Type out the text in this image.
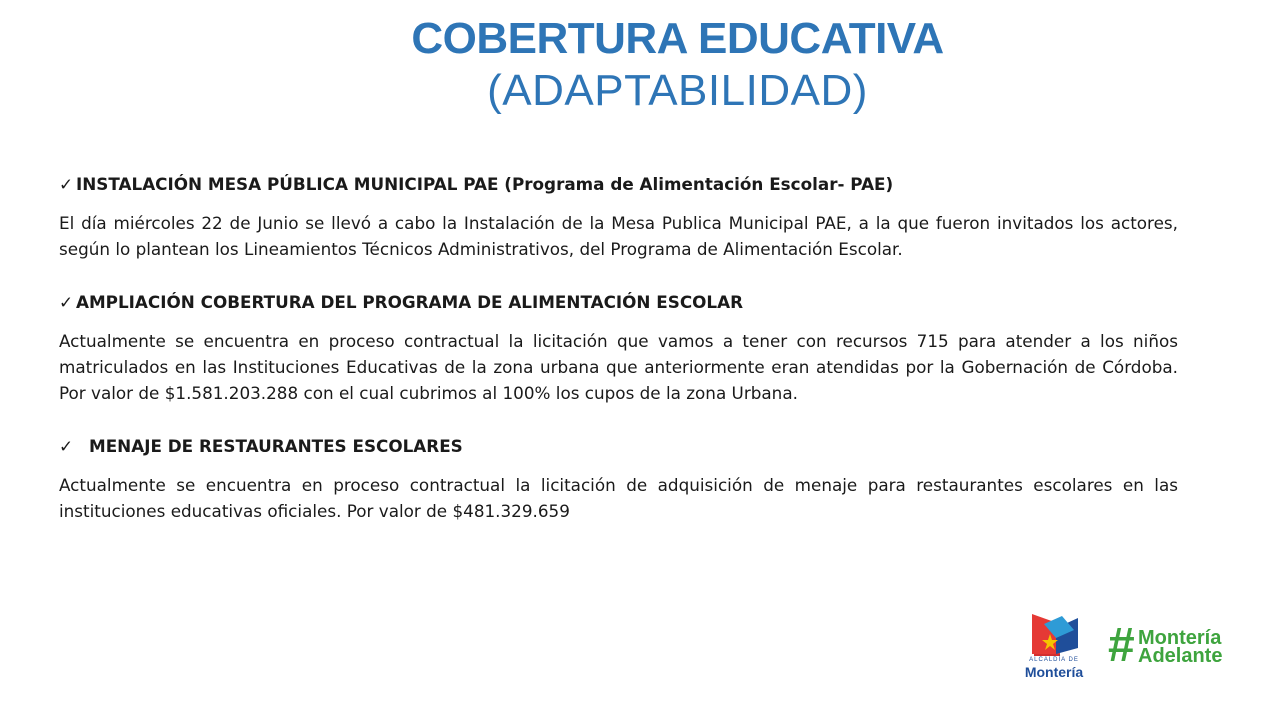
COBERTURA EDUCATIVA
(ADAPTABILIDAD)
✓ INSTALACIÓN MESA PÚBLICA MUNICIPAL PAE (Programa de Alimentación Escolar- PAE)
El día miércoles 22 de Junio se llevó a cabo la Instalación de la Mesa Publica Municipal PAE, a la que fueron invitados los actores, según lo plantean los Lineamientos Técnicos Administrativos, del Programa de Alimentación Escolar.
✓ AMPLIACIÓN COBERTURA DEL PROGRAMA DE ALIMENTACIÓN ESCOLAR
Actualmente se encuentra en proceso contractual la licitación que vamos a tener con recursos 715 para atender a los niños matriculados en las Instituciones Educativas de la zona urbana que anteriormente eran atendidas por la Gobernación de Córdoba. Por valor de $1.581.203.288 con el cual cubrimos al 100% los cupos de la zona Urbana.
✓ MENAJE DE RESTAURANTES ESCOLARES
Actualmente se encuentra en proceso contractual la licitación de adquisición de menaje para restaurantes escolares en las instituciones educativas oficiales. Por valor de $481.329.659
ALCALDÍA DE
Montería # Montería
Adelante
